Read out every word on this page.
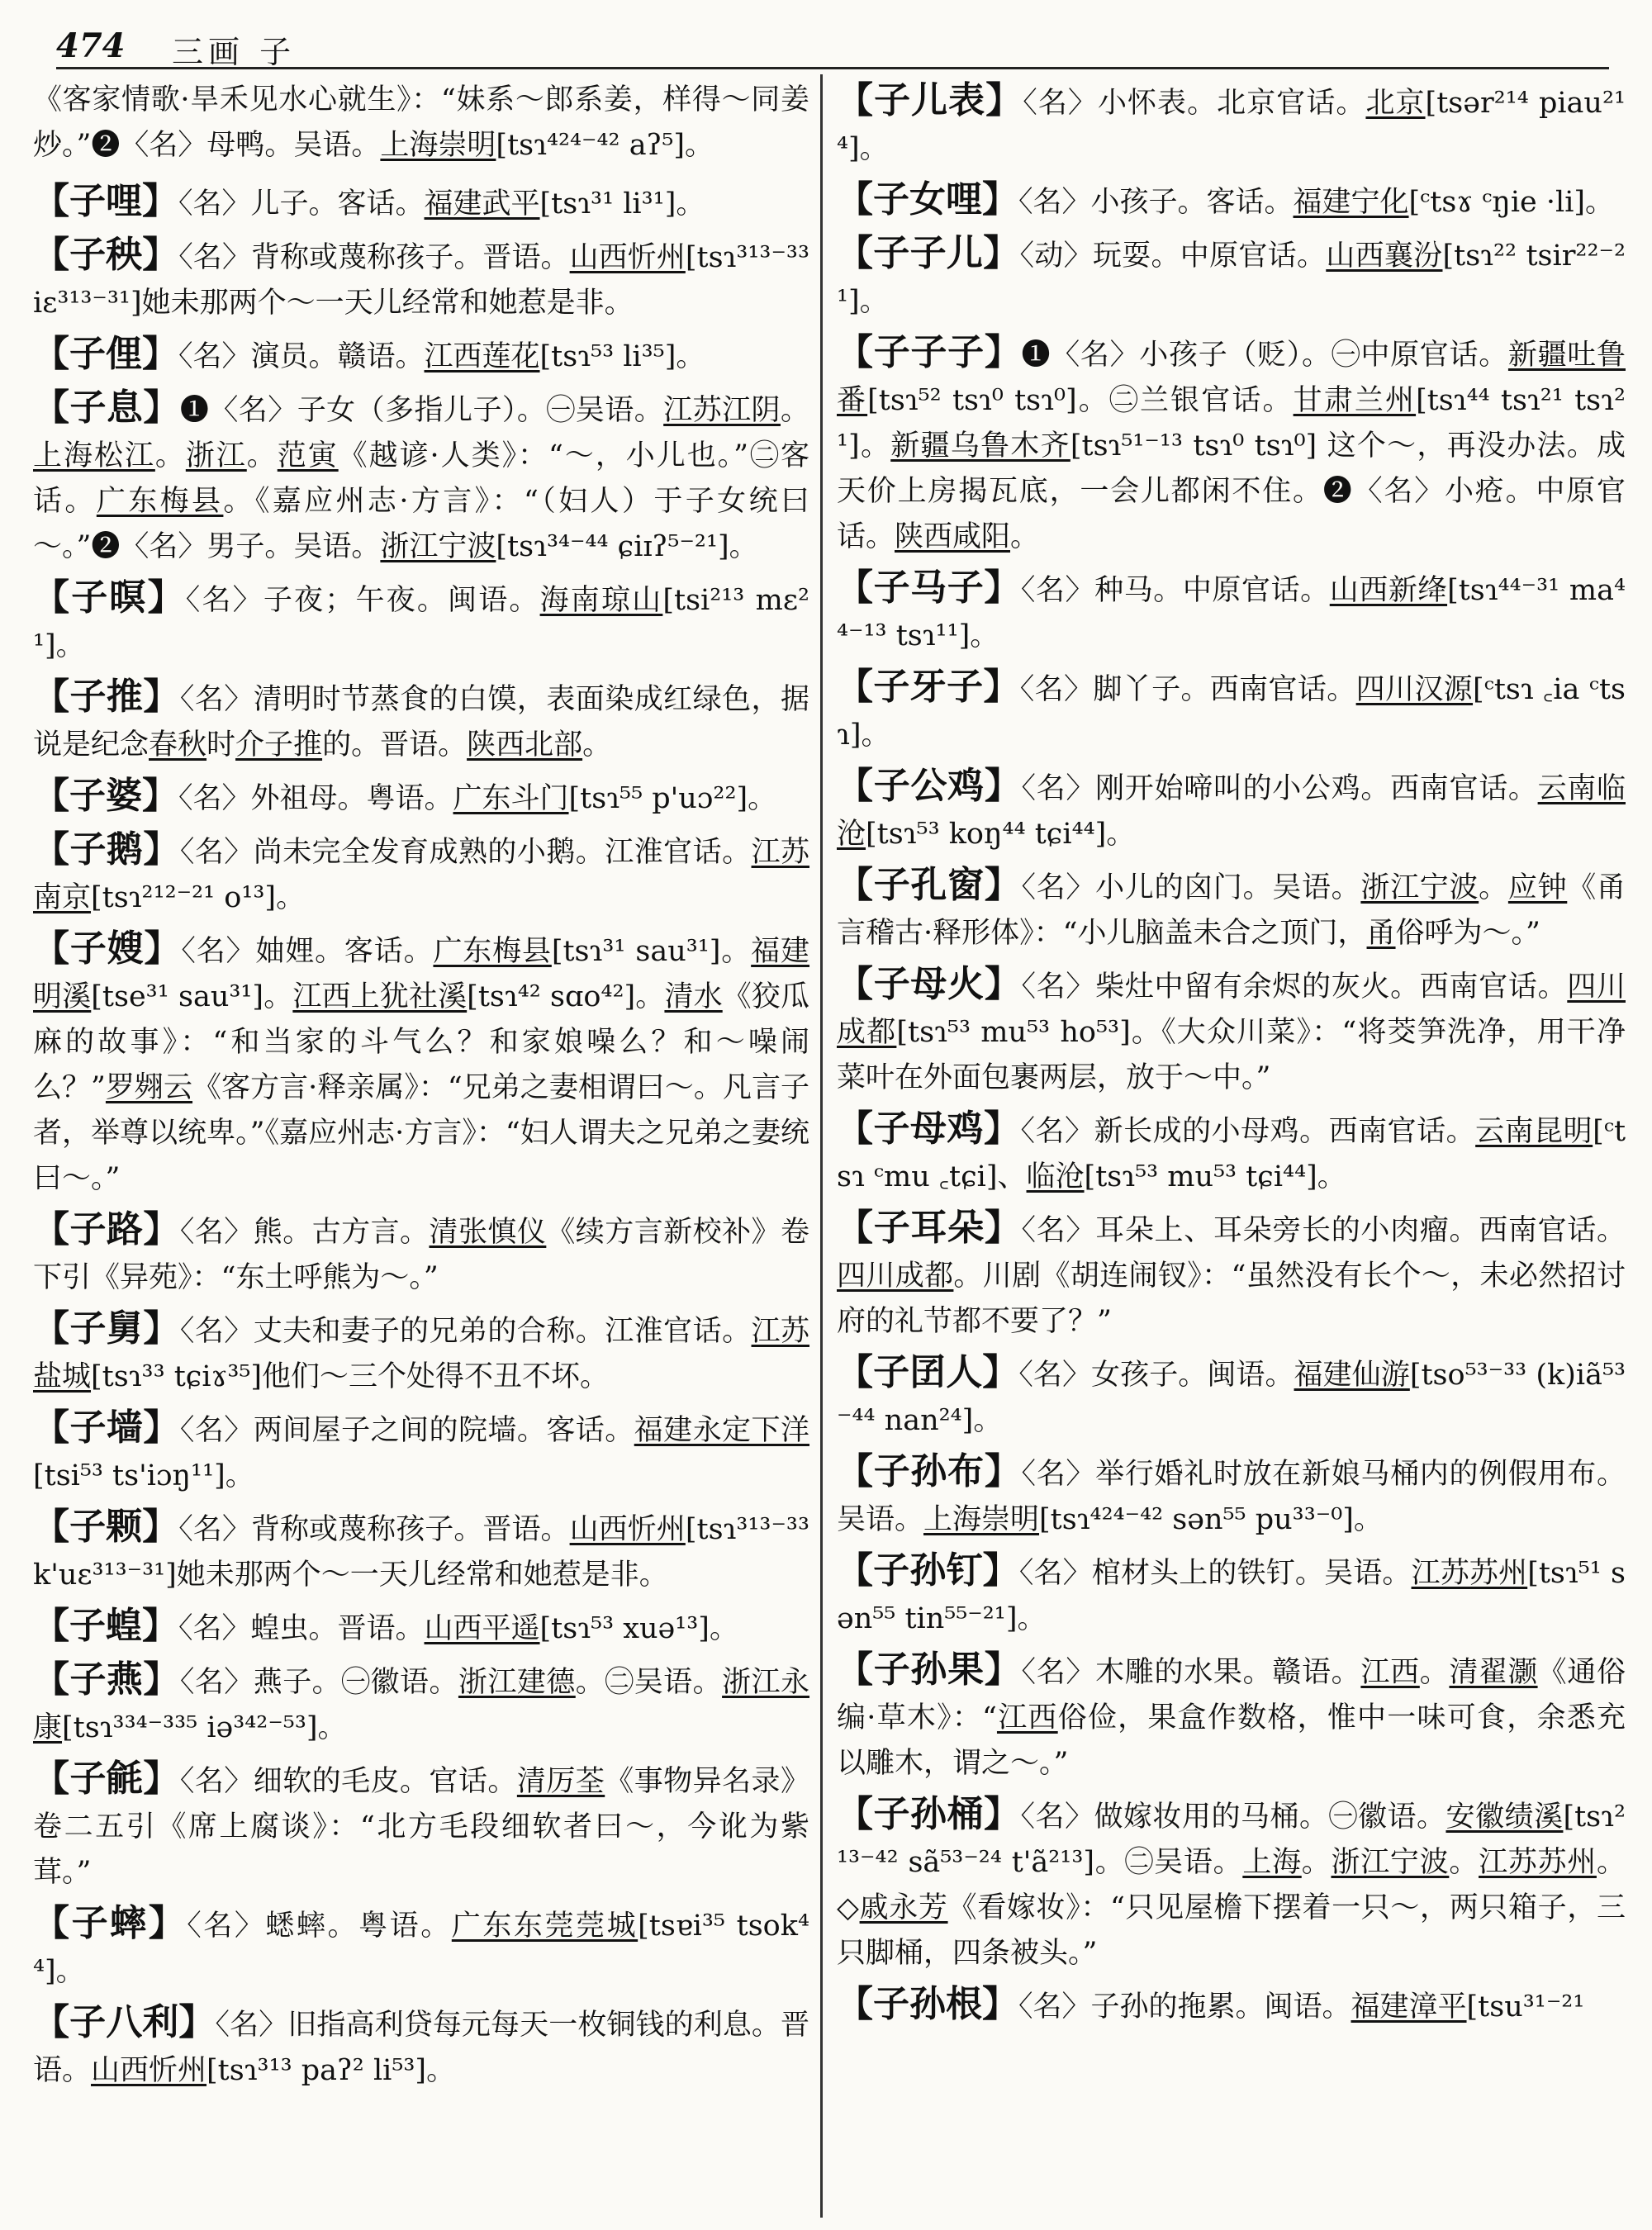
474 三画 子

《客家情歌·旱禾见水心就生》：“妹系～郎系姜，样得～同姜炒。”❷〈名〉母鸭。吴语。上海崇明[tsɿ⁴²⁴⁻⁴² aʔ⁵]。

【子哩】〈名〉儿子。客话。福建武平[tsɿ³¹ li³¹]。

【子秧】〈名〉背称或蔑称孩子。晋语。山西忻州[tsɿ³¹³⁻³³ iɛ³¹³⁻³¹]她未那两个～一天儿经常和她惹是非。

【子俚】〈名〉演员。赣语。江西莲花[tsɿ⁵³ li³⁵]。

【子息】❶〈名〉子女（多指儿子）。㊀吴语。江苏江阴。上海松江。浙江。范寅《越谚·人类》：“～，小儿也。”㊁客话。广东梅县。《嘉应州志·方言》：“（妇人）于子女统曰～。”❷〈名〉男子。吴语。浙江宁波[tsɿ³⁴⁻⁴⁴ ɕiɪʔ⁵⁻²¹]。

【子暝】〈名〉子夜；午夜。闽语。海南琼山[tsi²¹³ mɛ²¹]。

【子推】〈名〉清明时节蒸食的白馍，表面染成红绿色，据说是纪念春秋时介子推的。晋语。陕西北部。

【子婆】〈名〉外祖母。粤语。广东斗门[tsɿ⁵⁵ p'uɔ²²]。

【子鹅】〈名〉尚未完全发育成熟的小鹅。江淮官话。江苏南京[tsɿ²¹²⁻²¹ o¹³]。

【子嫂】〈名〉妯娌。客话。广东梅县[tsɿ³¹ sau³¹]。福建明溪[tse³¹ sau³¹]。江西上犹社溪[tsɿ⁴² sɑo⁴²]。清水《狡瓜麻的故事》：“和当家的斗气么？和家娘噪么？和～噪闹么？”罗翙云《客方言·释亲属》：“兄弟之妻相谓曰～。凡言子者，举尊以统卑。”《嘉应州志·方言》：“妇人谓夫之兄弟之妻统曰～。”

【子路】〈名〉熊。古方言。清张慎仪《续方言新校补》卷下引《异苑》：“东土呼熊为～。”

【子舅】〈名〉丈夫和妻子的兄弟的合称。江淮官话。江苏盐城[tsɿ³³ tɕiɤ³⁵]他们～三个处得不丑不坏。

【子墙】〈名〉两间屋子之间的院墙。客话。福建永定下洋[tsi⁵³ ts'iɔŋ¹¹]。

【子颗】〈名〉背称或蔑称孩子。晋语。山西忻州[tsɿ³¹³⁻³³ k'uɛ³¹³⁻³¹]她未那两个～一天儿经常和她惹是非。

【子蝗】〈名〉蝗虫。晋语。山西平遥[tsɿ⁵³ xuə¹³]。

【子燕】〈名〉燕子。㊀徽语。浙江建德。㊁吴语。浙江永康[tsɿ³³⁴⁻³³⁵ iə³⁴²⁻⁵³]。

【子毹】〈名〉细软的毛皮。官话。清厉荃《事物异名录》卷二五引《席上腐谈》：“北方毛段细软者曰～，今讹为紫茸。”

【子蟀】〈名〉蟋蟀。粤语。广东东莞莞城[tsɐi³⁵ tsok⁴⁴]。

【子八利】〈名〉旧指高利贷每元每天一枚铜钱的利息。晋语。山西忻州[tsɿ³¹³ paʔ² li⁵³]。

【子儿表】〈名〉小怀表。北京官话。北京[tsər²¹⁴ piau²¹⁴]。

【子女哩】〈名〉小孩子。客话。福建宁化[ᶜtsɤ ᶜŋie ·li]。

【子子儿】〈动〉玩耍。中原官话。山西襄汾[tsɿ²² tsir²²⁻²¹]。

【子子子】❶〈名〉小孩子（贬）。㊀中原官话。新疆吐鲁番[tsɿ⁵² tsɿ⁰ tsɿ⁰]。㊁兰银官话。甘肃兰州[tsɿ⁴⁴ tsɿ²¹ tsɿ²¹]。新疆乌鲁木齐[tsɿ⁵¹⁻¹³ tsɿ⁰ tsɿ⁰] 这个～，再没办法。成天价上房揭瓦底，一会儿都闲不住。❷〈名〉小疮。中原官话。陕西咸阳。

【子马子】〈名〉种马。中原官话。山西新绛[tsɿ⁴⁴⁻³¹ ma⁴⁴⁻¹³ tsɿ¹¹]。

【子牙子】〈名〉脚丫子。西南官话。四川汉源[ᶜtsɿ ꜀ia ᶜtsɿ]。

【子公鸡】〈名〉刚开始啼叫的小公鸡。西南官话。云南临沧[tsɿ⁵³ koŋ⁴⁴ tɕi⁴⁴]。

【子孔窗】〈名〉小儿的囟门。吴语。浙江宁波。应钟《甬言稽古·释形体》：“小儿脑盖未合之顶门，甬俗呼为～。”

【子母火】〈名〉柴灶中留有余烬的灰火。西南官话。四川成都[tsɿ⁵³ mu⁵³ ho⁵³]。《大众川菜》：“将茭笋洗净，用干净菜叶在外面包裹两层，放于～中。”

【子母鸡】〈名〉新长成的小母鸡。西南官话。云南昆明[ᶜtsɿ ᶜmu ꜀tɕi]、临沧[tsɿ⁵³ mu⁵³ tɕi⁴⁴]。

【子耳朵】〈名〉耳朵上、耳朵旁长的小肉瘤。西南官话。四川成都。川剧《胡连闹钗》：“虽然没有长个～，未必然招讨府的礼节都不要了？”

【子囝人】〈名〉女孩子。闽语。福建仙游[tso⁵³⁻³³ (k)iã⁵³⁻⁴⁴ nan²⁴]。

【子孙布】〈名〉举行婚礼时放在新娘马桶内的例假用布。吴语。上海崇明[tsɿ⁴²⁴⁻⁴² sən⁵⁵ pu³³⁻⁰]。

【子孙钉】〈名〉棺材头上的铁钉。吴语。江苏苏州[tsɿ⁵¹ sən⁵⁵ tin⁵⁵⁻²¹]。

【子孙果】〈名〉木雕的水果。赣语。江西。清翟灏《通俗编·草木》：“江西俗俭，果盒作数格，惟中一味可食，余悉充以雕木，谓之～。”

【子孙桶】〈名〉做嫁妆用的马桶。㊀徽语。安徽绩溪[tsɿ²¹³⁻⁴² sã⁵³⁻²⁴ t'ã²¹³]。㊁吴语。上海。浙江宁波。江苏苏州。◇戚永芳《看嫁妆》：“只见屋檐下摆着一只～，两只箱子，三只脚桶，四条被头。”

【子孙根】〈名〉子孙的拖累。闽语。福建漳平[tsu³¹⁻²¹
